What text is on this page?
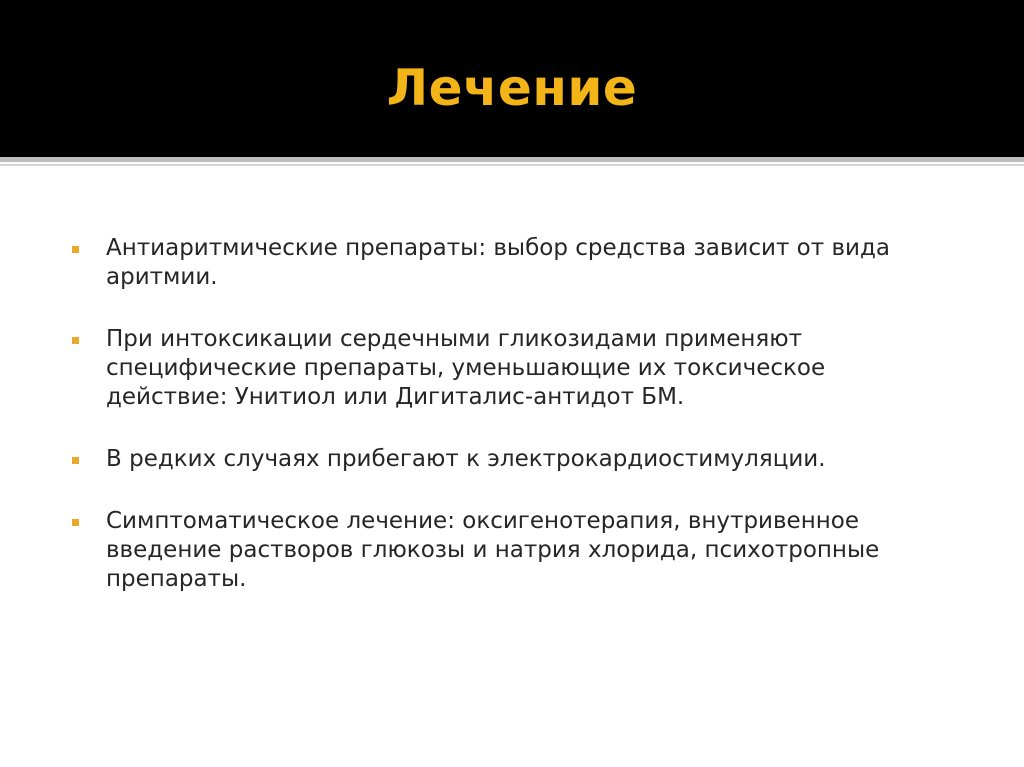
Лечение
Антиаритмические препараты: выбор средства зависит от вида аритмии.
При интоксикации сердечными гликозидами применяют специфические препараты, уменьшающие их токсическое действие: Унитиол или Дигиталис-антидот БМ.
В редких случаях прибегают к электрокардиостимуляции.
Симптоматическое лечение: оксигенотерапия, внутривенное введение растворов глюкозы и натрия хлорида, психотропные препараты.
